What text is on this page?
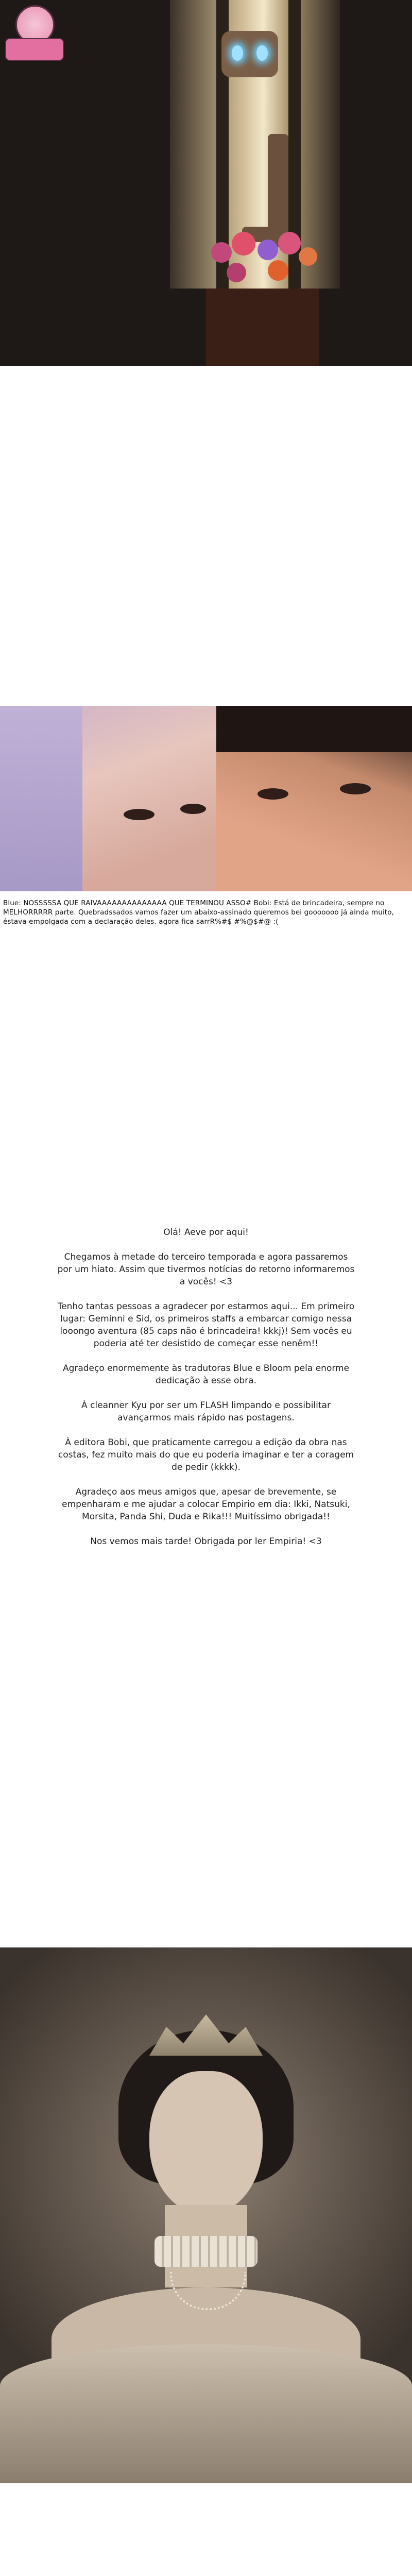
Blue: NOSSSSSA QUE RAIVAAAAAAAAAAAAAA QUE TERMINOU ASSO# Bobi: Está de brincadeira, sempre no MELHORRRRR parte. Quebradssados vamos fazer um abaixo-assinado queremos bei gooooooo já ainda muito, éstava empolgada com a declaração deles. agora fica sarrR%#$ #%@$#@ :(

Olá! Aeve por aqui!

Chegamos à metade do terceiro temporada e agora passaremos por um hiato. Assim que tivermos notícias do retorno informaremos a vocês! <3

Tenho tantas pessoas a agradecer por estarmos aqui... Em primeiro lugar: Geminni e Sid, os primeiros staffs a embarcar comigo nessa looongo aventura (85 caps não é brincadeira! kkkj)! Sem vocês eu poderia até ter desistido de começar esse nenêm!!

Agradeço enormemente às tradutoras Blue e Bloom pela enorme dedicação à esse obra.

À cleanner Kyu por ser um FLASH limpando e possibilitar avançarmos mais rápido nas postagens.

À editora Bobi, que praticamente carregou a edição da obra nas costas, fez muito mais do que eu poderia imaginar e ter a coragem de pedir (kkkk).

Agradeço aos meus amigos que, apesar de brevemente, se empenharam e me ajudar a colocar Empirio em dia: Ikki, Natsuki, Morsita, Panda Shi, Duda e Rika!!! Muitíssimo obrigada!!

Nos vemos mais tarde! Obrigada por ler Empiria! <3
